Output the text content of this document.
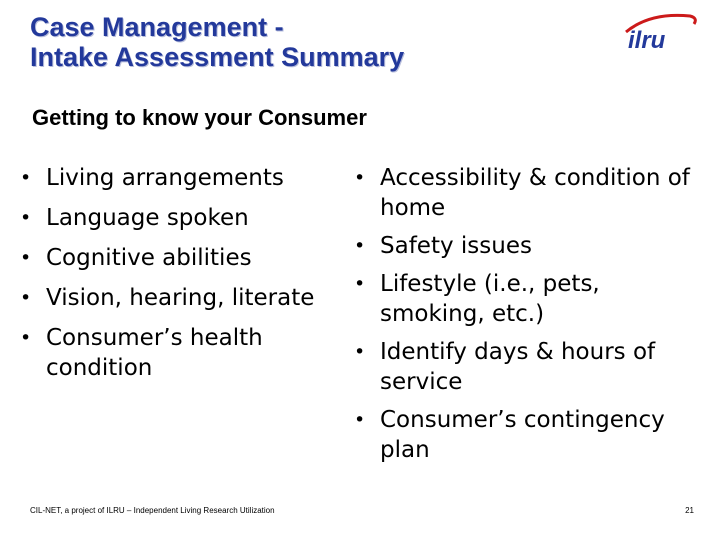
Case Management -
Intake Assessment Summary
ilru
Getting to know your Consumer
• Living arrangements
• Language spoken
• Cognitive abilities
• Vision, hearing, literate
• Consumer’s health condition
• Accessibility & condition of home
• Safety issues
• Lifestyle (i.e., pets, smoking, etc.)
• Identify days & hours of service
• Consumer’s contingency plan
CIL-NET, a project of ILRU – Independent Living Research Utilization	21
